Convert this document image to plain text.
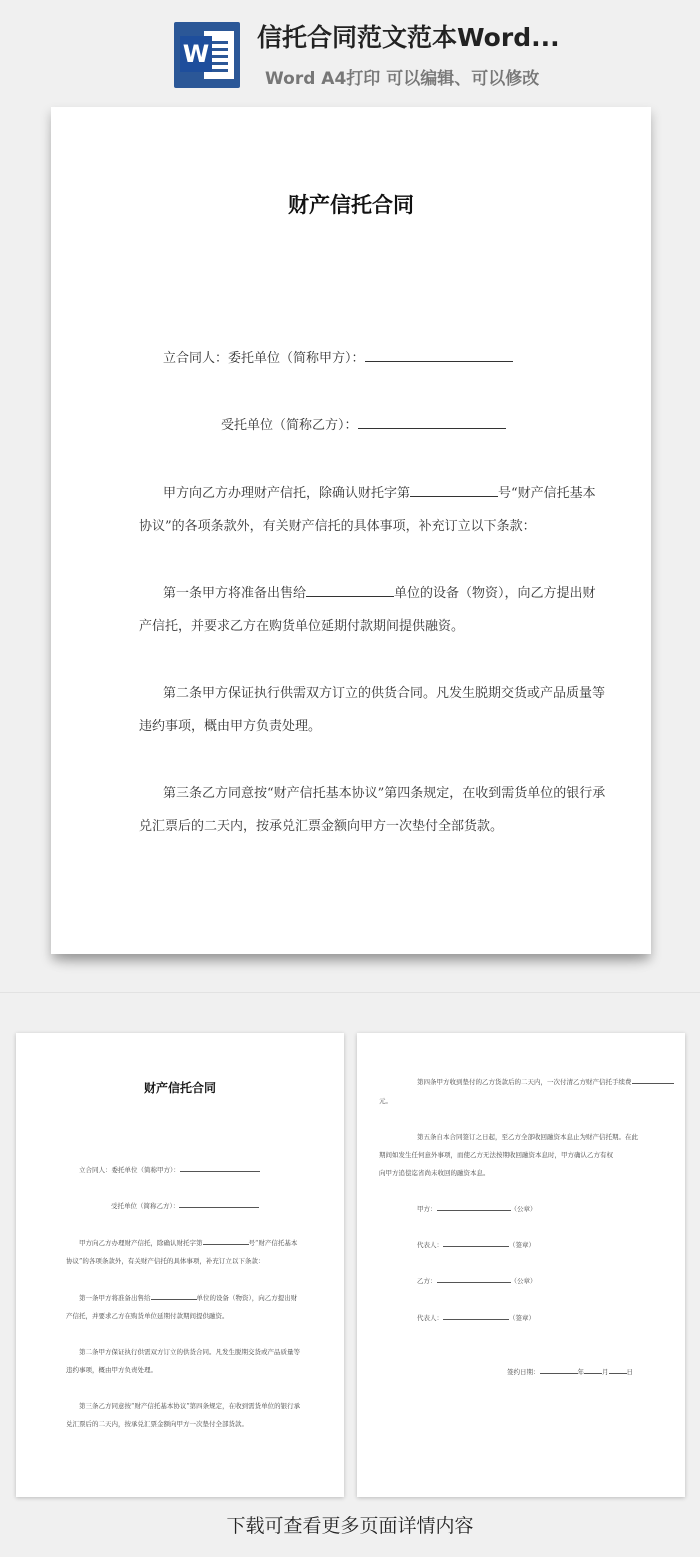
W
信托合同范文范本Word...
Word A4打印 可以编辑、可以修改
财产信托合同
立合同人：委托单位（简称甲方）：
受托单位（简称乙方）：
甲方向乙方办理财产信托，除确认财托字第	号“财产信托基本
协议”的各项条款外，有关财产信托的具体事项，补充订立以下条款：
第一条甲方将准备出售给	单位的设备（物资），向乙方提出财
产信托，并要求乙方在购货单位延期付款期间提供融资。
第二条甲方保证执行供需双方订立的供货合同。凡发生脱期交货或产品质量等
违约事项，概由甲方负责处理。
第三条乙方同意按“财产信托基本协议”第四条规定，在收到需货单位的银行承
兑汇票后的二天内，按承兑汇票金额向甲方一次垫付全部货款。
财产信托合同
立合同人：委托单位（简称甲方）：
受托单位（简称乙方）：
甲方向乙方办理财产信托，除确认财托字第	号“财产信托基本
协议”的各项条款外，有关财产信托的具体事项，补充订立以下条款：
第一条甲方将准备出售给	单位的设备（物资），向乙方提出财
产信托，并要求乙方在购货单位延期付款期间提供融资。
第二条甲方保证执行供需双方订立的供货合同。凡发生脱期交货或产品质量等
违约事项，概由甲方负责处理。
第三条乙方同意按“财产信托基本协议”第四条规定，在收到需货单位的银行承
兑汇票后的二天内，按承兑汇票金额向甲方一次垫付全部货款。
第四条甲方收到垫付的乙方货款后的二天内，一次付清乙方财产信托手续费
元。
第五条自本合同签订之日起，至乙方全部收回融资本息止为财产信托期。在此
期间如发生任何意外事项，而使乙方无法按期收回融资本息时，甲方确认乙方有权
向甲方追偿迄省尚未收回的融资本息。
甲方：	（公章）
代表人：	（签章）
乙方：	（公章）
代表人：	（签章）
签约日期：	年	月	日
下载可查看更多页面详情内容
